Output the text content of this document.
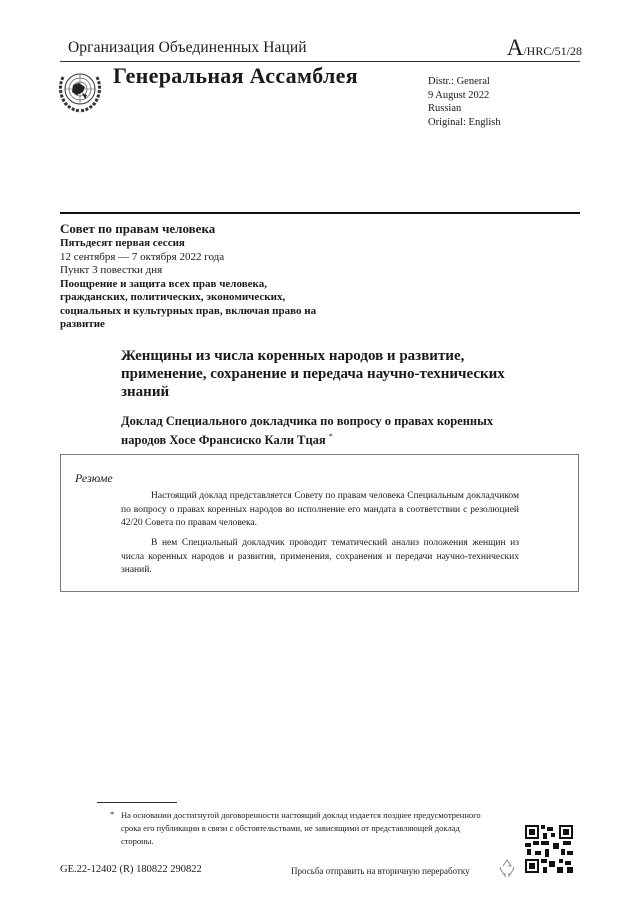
Организация Объединенных Наций	A/HRC/51/28
Генеральная Ассамблея	Distr.: General
9 August 2022
Russian
Original: English
Совет по правам человека
Пятьдесят первая сессия
12 сентября — 7 октября 2022 года
Пункт 3 повестки дня
Поощрение и защита всех прав человека, гражданских, политических, экономических, социальных и культурных прав, включая право на развитие
Женщины из числа коренных народов и развитие, применение, сохранение и передача научно-технических знаний
Доклад Специального докладчика по вопросу о правах коренных народов Хосе Франсиско Кали Тцая *
Резюме
Настоящий доклад представляется Совету по правам человека Специальным докладчиком по вопросу о правах коренных народов во исполнение его мандата в соответствии с резолюцией 42/20 Совета по правам человека.
В нем Специальный докладчик проводит тематический анализ положения женщин из числа коренных народов и развития, применения, сохранения и передачи научно-технических знаний.
* На основании достигнутой договоренности настоящий доклад издается позднее предусмотренного срока его публикации в связи с обстоятельствами, не зависящими от представляющей доклад стороны.
GE.22-12402 (R) 180822 290822	Просьба отправить на вторичную переработку
